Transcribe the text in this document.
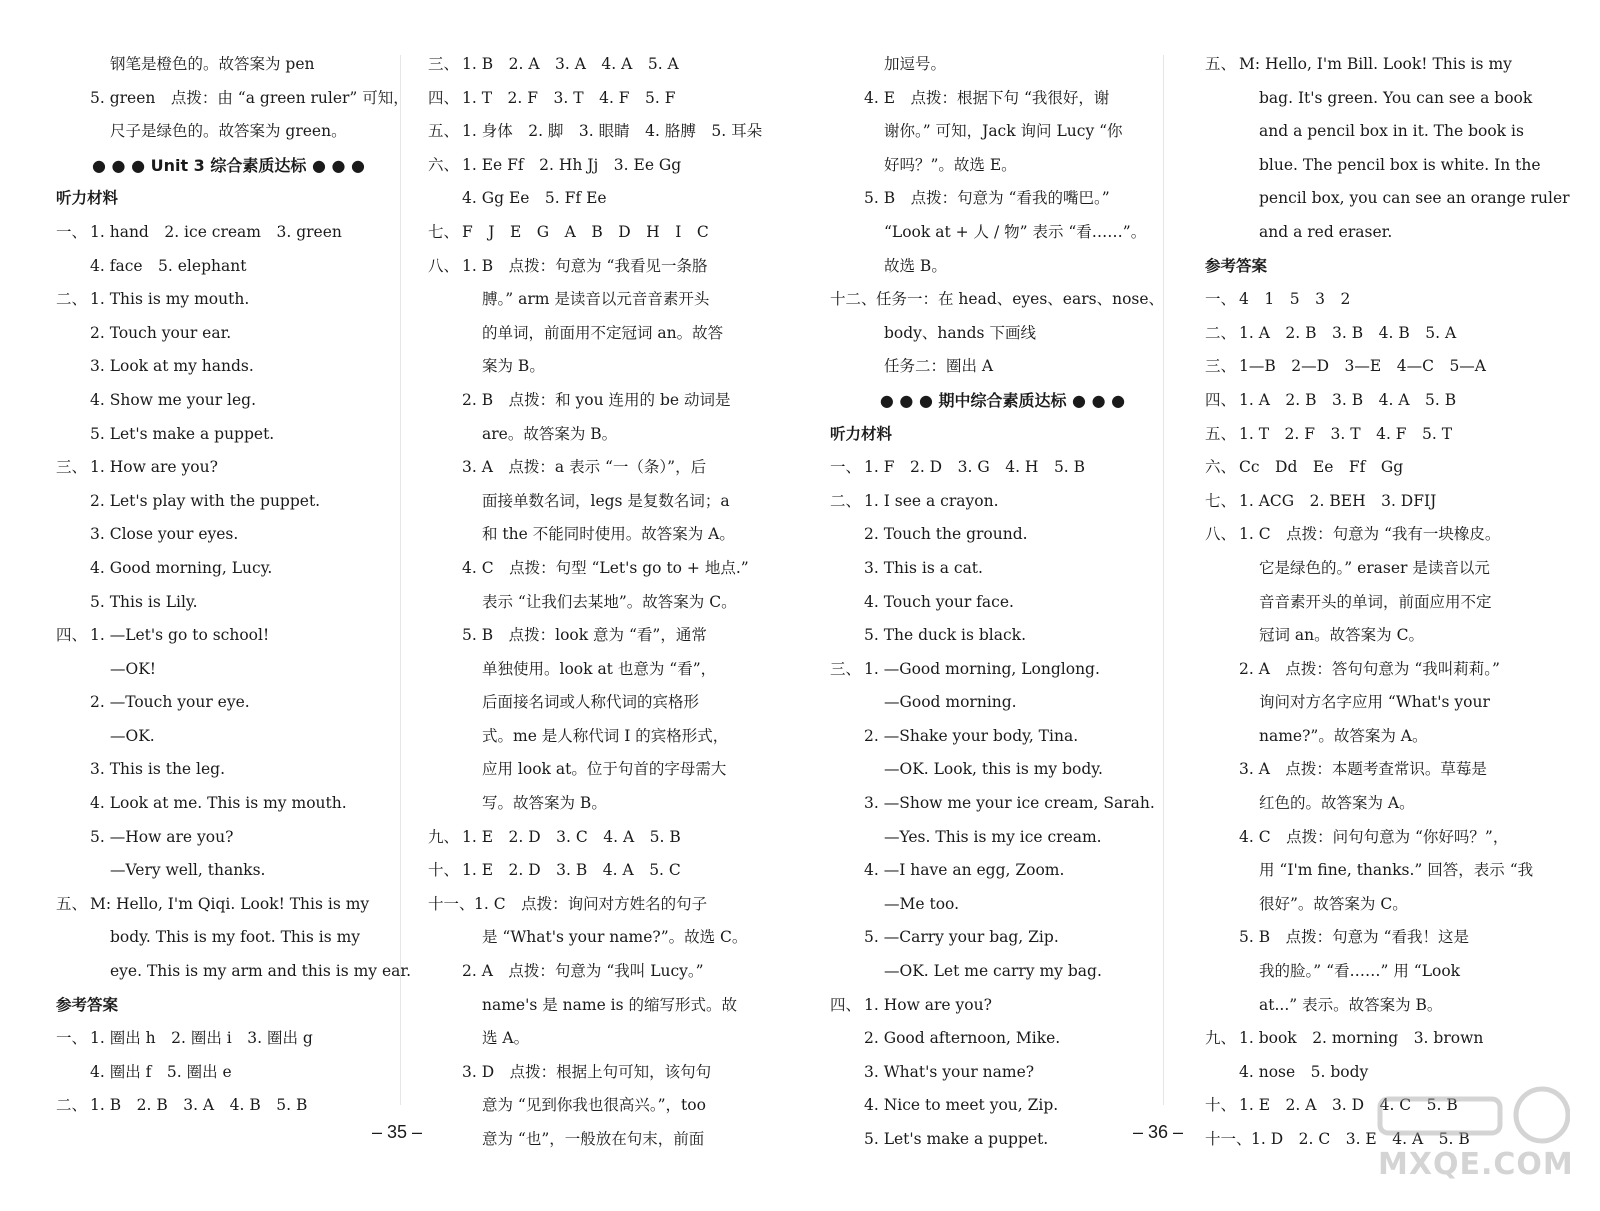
钢笔是橙色的。故答案为 pen
5. green　点拨：由 “a green ruler” 可知，
尺子是绿色的。故答案为 green。
● ● ● Unit 3 综合素质达标 ● ● ●
听力材料
一、 1. hand　2. ice cream　3. green
4. face　5. elephant
二、 1. This is my mouth.
2. Touch your ear.
3. Look at my hands.
4. Show me your leg.
5. Let's make a puppet.
三、 1. How are you?
2. Let's play with the puppet.
3. Close your eyes.
4. Good morning, Lucy.
5. This is Lily.
四、 1. —Let's go to school!
—OK!
2. —Touch your eye.
—OK.
3. This is the leg.
4. Look at me. This is my mouth.
5. —How are you?
—Very well, thanks.
五、 M: Hello, I'm Qiqi. Look! This is my
body. This is my foot. This is my
eye. This is my arm and this is my ear.
参考答案
一、 1. 圈出 h　2. 圈出 i　3. 圈出 g
4. 圈出 f　5. 圈出 e
二、 1. B　2. B　3. A　4. B　5. B
三、 1. B　2. A　3. A　4. A　5. A
四、 1. T　2. F　3. T　4. F　5. F
五、 1. 身体　2. 脚　3. 眼睛　4. 胳膊　5. 耳朵
六、 1. Ee Ff　2. Hh Jj　3. Ee Gg
4. Gg Ee　5. Ff Ee
七、 F　J　E　G　A　B　D　H　I　C
八、 1. B　点拨：句意为 “我看见一条胳
膊。” arm 是读音以元音音素开头
的单词，前面用不定冠词 an。故答
案为 B。
2. B　点拨：和 you 连用的 be 动词是
are。故答案为 B。
3. A　点拨：a 表示 “一（条）”，后
面接单数名词，legs 是复数名词；a
和 the 不能同时使用。故答案为 A。
4. C　点拨：句型 “Let's go to + 地点.”
表示 “让我们去某地”。故答案为 C。
5. B　点拨：look 意为 “看”，通常
单独使用。look at 也意为 “看”，
后面接名词或人称代词的宾格形
式。me 是人称代词 I 的宾格形式，
应用 look at。位于句首的字母需大
写。故答案为 B。
九、 1. E　2. D　3. C　4. A　5. B
十、 1. E　2. D　3. B　4. A　5. C
十一、 1. C　点拨：询问对方姓名的句子
是 “What's your name?”。故选 C。
2. A　点拨：句意为 “我叫 Lucy。”
name's 是 name is 的缩写形式。故
选 A。
3. D　点拨：根据上句可知，该句句
意为 “见到你我也很高兴。”，too
意为 “也”，一般放在句末，前面
加逗号。
4. E　点拨：根据下句 “我很好，谢
谢你。” 可知，Jack 询问 Lucy “你
好吗？”。故选 E。
5. B　点拨：句意为 “看我的嘴巴。”
“Look at + 人 / 物” 表示 “看……”。
故选 B。
十二、 任务一：在 head、eyes、ears、nose、
body、hands 下画线
任务二：圈出 A
● ● ● 期中综合素质达标 ● ● ●
听力材料
一、 1. F　2. D　3. G　4. H　5. B
二、 1. I see a crayon.
2. Touch the ground.
3. This is a cat.
4. Touch your face.
5. The duck is black.
三、 1. —Good morning, Longlong.
—Good morning.
2. —Shake your body, Tina.
—OK. Look, this is my body.
3. —Show me your ice cream, Sarah.
—Yes. This is my ice cream.
4. —I have an egg, Zoom.
—Me too.
5. —Carry your bag, Zip.
—OK. Let me carry my bag.
四、 1. How are you?
2. Good afternoon, Mike.
3. What's your name?
4. Nice to meet you, Zip.
5. Let's make a puppet.
五、 M: Hello, I'm Bill. Look! This is my
bag. It's green. You can see a book
and a pencil box in it. The book is
blue. The pencil box is white. In the
pencil box, you can see an orange ruler
and a red eraser.
参考答案
一、 4　1　5　3　2
二、 1. A　2. B　3. B　4. B　5. A
三、 1—B　2—D　3—E　4—C　5—A
四、 1. A　2. B　3. B　4. A　5. B
五、 1. T　2. F　3. T　4. F　5. T
六、 Cc　Dd　Ee　Ff　Gg
七、 1. ACG　2. BEH　3. DFIJ
八、 1. C　点拨：句意为 “我有一块橡皮。
它是绿色的。” eraser 是读音以元
音音素开头的单词，前面应用不定
冠词 an。故答案为 C。
2. A　点拨：答句句意为 “我叫莉莉。”
询问对方名字应用 “What's your
name?”。故答案为 A。
3. A　点拨：本题考查常识。草莓是
红色的。故答案为 A。
4. C　点拨：问句句意为 “你好吗？”，
用 “I'm fine, thanks.” 回答，表示 “我
很好”。故答案为 C。
5. B　点拨：句意为 “看我！这是
我的脸。” “看……” 用 “Look
at...” 表示。故答案为 B。
九、 1. book　2. morning　3. brown
4. nose　5. body
十、 1. E　2. A　3. D　4. C　5. B
十一、 1. D　2. C　3. E　4. A　5. B
– 35 –	– 36 –
MXQE.COM
